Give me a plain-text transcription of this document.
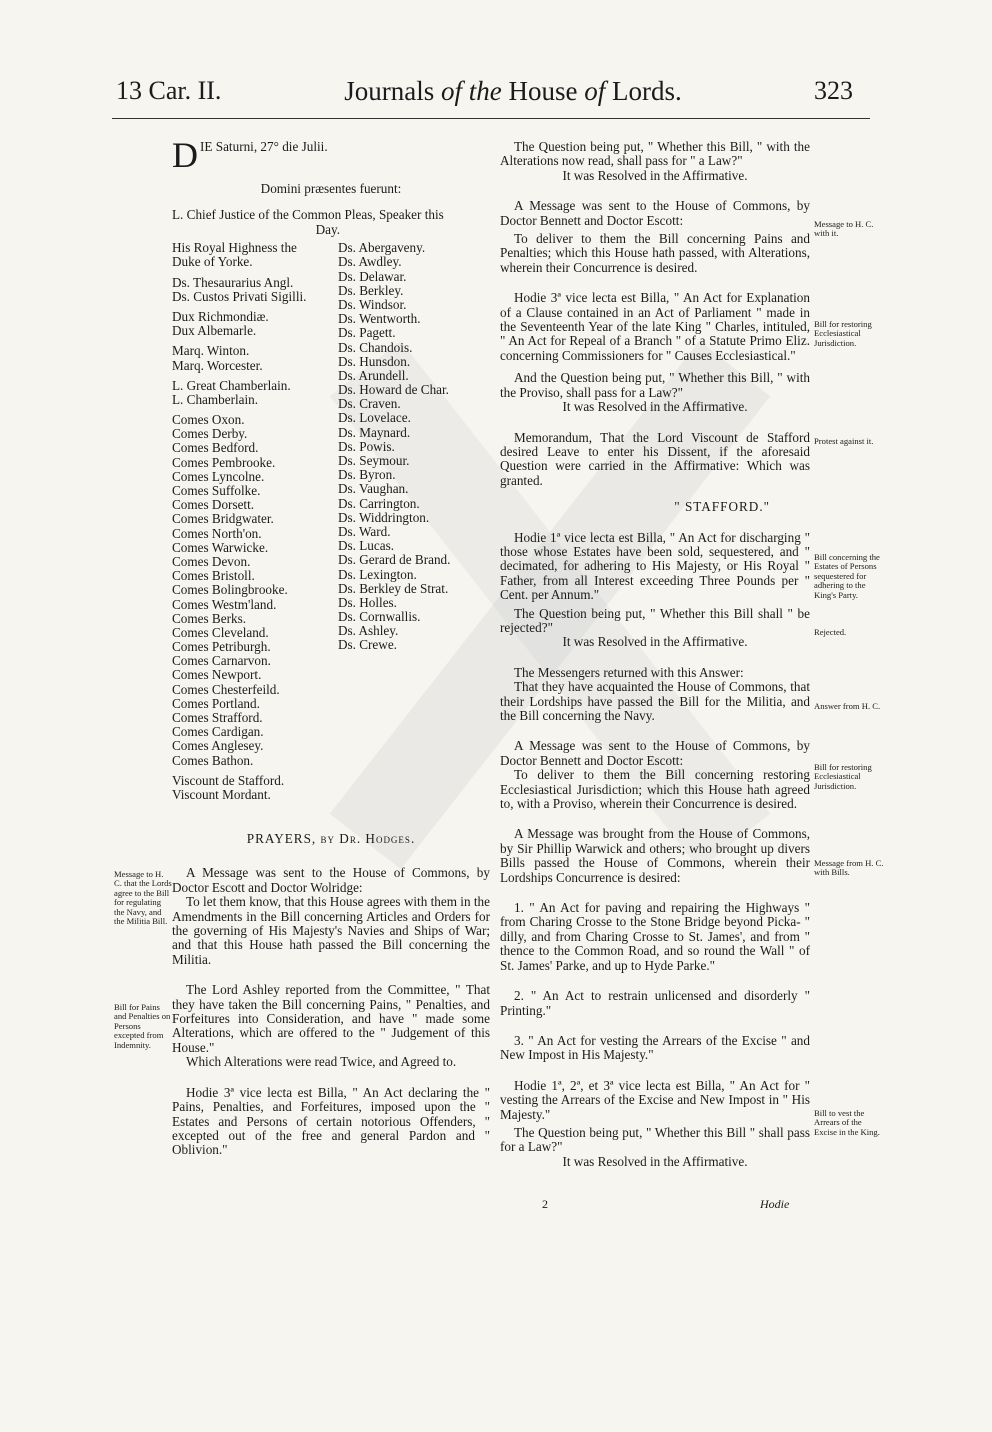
13 Car. II.	Journals of the House of Lords.	323
DIE Saturni, 27° die Julii.

Domini præsentes fuerunt:

L. Chief Justice of the Common Pleas, Speaker this

Day.

His Royal Highness the
Duke of Yorke.
Ds. Thesaurarius Angl.
Ds. Custos Privati Sigilli.
Dux Richmondiæ.
Dux Albemarle.
Marq. Winton.
Marq. Worcester.
L. Great Chamberlain.
L. Chamberlain.
Comes Oxon.
Comes Derby.
Comes Bedford.
Comes Pembrooke.
Comes Lyncolne.
Comes Suffolke.
Comes Dorsett.
Comes Bridgwater.
Comes North'on.
Comes Warwicke.
Comes Devon.
Comes Bristoll.
Comes Bolingbrooke.
Comes Westm'land.
Comes Berks.
Comes Cleveland.
Comes Petriburgh.
Comes Carnarvon.
Comes Newport.
Comes Chesterfeild.
Comes Portland.
Comes Strafford.
Comes Cardigan.
Comes Anglesey.
Comes Bathon.
Viscount de Stafford.
Viscount Mordant.
Ds. Abergaveny.
Ds. Awdley.
Ds. Delawar.
Ds. Berkley.
Ds. Windsor.
Ds. Wentworth.
Ds. Pagett.
Ds. Chandois.
Ds. Hunsdon.
Ds. Arundell.
Ds. Howard de Char.
Ds. Craven.
Ds. Lovelace.
Ds. Maynard.
Ds. Powis.
Ds. Seymour.
Ds. Byron.
Ds. Vaughan.
Ds. Carrington.
Ds. Widdrington.
Ds. Ward.
Ds. Lucas.
Ds. Gerard de Brand.
Ds. Lexington.
Ds. Berkley de Strat.
Ds. Holles.
Ds. Cornwallis.
Ds. Ashley.
Ds. Crewe.

PRAYERS, by Dr. Hodges.

A Message was sent to the House of Commons, by Doctor Escott and Doctor Wolridge:

To let them know, that this House agrees with them in the Amendments in the Bill concerning Articles and Orders for the governing of His Majesty's Navies and Ships of War; and that this House hath passed the Bill concerning the Militia.

The Lord Ashley reported from the Committee, " That they have taken the Bill concerning Pains, " Penalties, and Forfeitures into Consideration, and have " made some Alterations, which are offered to the " Judgement of this House."

Which Alterations were read Twice, and Agreed to.

Hodie 3ª vice lecta est Billa, " An Act declaring the " Pains, Penalties, and Forfeitures, imposed upon the " Estates and Persons of certain notorious Offenders, " excepted out of the free and general Pardon and " Oblivion."

Message to H. C. that the Lords agree to the Bill for regulating the Navy, and the Militia Bill.
Bill for Pains and Penalties on Persons excepted from Indemnity.

The Question being put, " Whether this Bill, " with the Alterations now read, shall pass for " a Law?"

It was Resolved in the Affirmative.

A Message was sent to the House of Commons, by Doctor Bennett and Doctor Escott:

To deliver to them the Bill concerning Pains and Penalties; which this House hath passed, with Alterations, wherein their Concurrence is desired.

Hodie 3ª vice lecta est Billa, " An Act for Explanation of a Clause contained in an Act of Parliament " made in the Seventeenth Year of the late King " Charles, intituled, " An Act for Repeal of a Branch " of a Statute Primo Eliz. concerning Commissioners for " Causes Ecclesiastical."

And the Question being put, " Whether this Bill, " with the Proviso, shall pass for a Law?"

It was Resolved in the Affirmative.

Memorandum, That the Lord Viscount de Stafford desired Leave to enter his Dissent, if the aforesaid Question were carried in the Affirmative: Which was granted.

" STAFFORD."

Hodie 1ª vice lecta est Billa, " An Act for discharging " those whose Estates have been sold, sequestered, and " decimated, for adhering to His Majesty, or His Royal " Father, from all Interest exceeding Three Pounds per " Cent. per Annum."

The Question being put, " Whether this Bill shall " be rejected?"

It was Resolved in the Affirmative.

The Messengers returned with this Answer:

That they have acquainted the House of Commons, that their Lordships have passed the Bill for the Militia, and the Bill concerning the Navy.

A Message was sent to the House of Commons, by Doctor Bennett and Doctor Escott:

To deliver to them the Bill concerning restoring Ecclesiastical Jurisdiction; which this House hath agreed to, with a Proviso, wherein their Concurrence is desired.

A Message was brought from the House of Commons, by Sir Phillip Warwick and others; who brought up divers Bills passed the House of Commons, wherein their Lordships Concurrence is desired:

1. " An Act for paving and repairing the Highways " from Charing Crosse to the Stone Bridge beyond Picka- " dilly, and from Charing Crosse to St. James', and from " thence to the Common Road, and so round the Wall " of St. James' Parke, and up to Hyde Parke."

2. " An Act to restrain unlicensed and disorderly " Printing."

3. " An Act for vesting the Arrears of the Excise " and New Impost in His Majesty."

Hodie 1ª, 2ª, et 3ª vice lecta est Billa, " An Act for " vesting the Arrears of the Excise and New Impost in " His Majesty."

The Question being put, " Whether this Bill " shall pass for a Law?"

It was Resolved in the Affirmative.

2	Hodie
Message to H. C. with it.
Bill for restoring Ecclesiastical Jurisdiction.
Protest against it.
Bill concerning the Estates of Persons sequestered for adhering to the King's Party.
Rejected.
Answer from H. C.
Bill for restoring Ecclesiastical Jurisdiction.
Message from H. C. with Bills.
Bill to vest the Arrears of the Excise in the King.
